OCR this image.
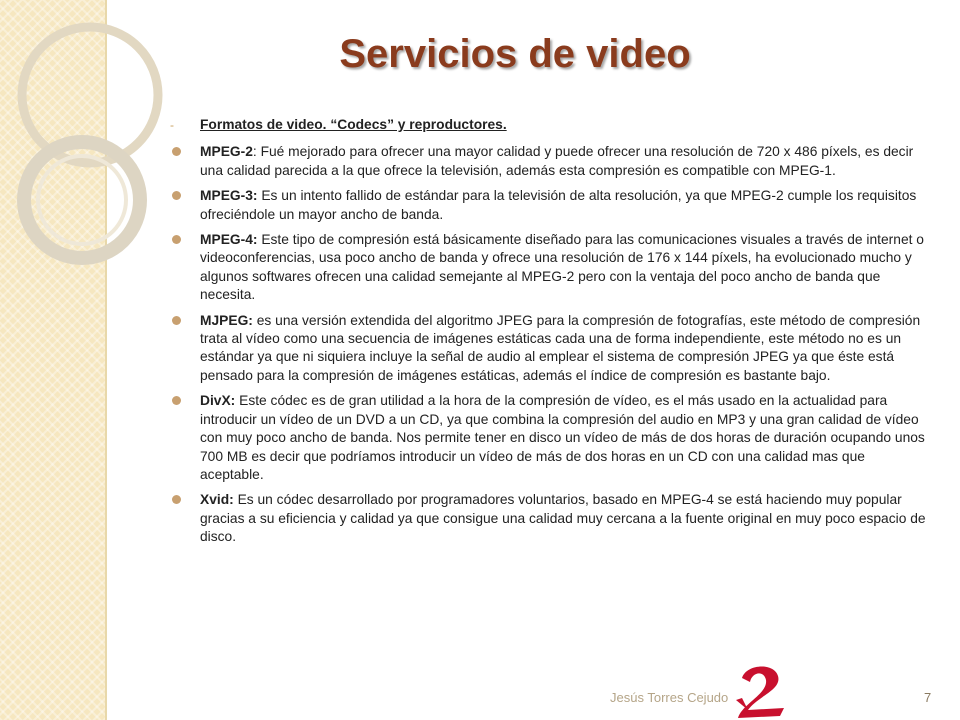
Servicios de video
- Formatos de video. “Codecs” y reproductores.
MPEG-2: Fué mejorado para ofrecer una mayor calidad y puede ofrecer una resolución de 720 x 486 píxels, es decir una calidad parecida a la que ofrece la televisión, además esta compresión es compatible con MPEG-1.
MPEG-3: Es un intento fallido de estándar para la televisión de alta resolución, ya que MPEG-2 cumple los requisitos ofreciéndole un mayor ancho de banda.
MPEG-4: Este tipo de compresión está básicamente diseñado para las comunicaciones visuales a través de internet o videoconferencias, usa poco ancho de banda y ofrece una resolución de 176 x 144 píxels, ha evolucionado mucho y algunos softwares ofrecen una calidad semejante al MPEG-2 pero con la ventaja del poco ancho de banda que necesita.
MJPEG: es una versión extendida del algoritmo JPEG para la compresión de fotografías, este método de compresión trata al vídeo como una secuencia de imágenes estáticas cada una de forma independiente, este método no es un estándar ya que ni siquiera incluye la señal de audio al emplear el sistema de compresión JPEG ya que éste está pensado para la compresión de imágenes estáticas, además el índice de compresión es bastante bajo.
DivX: Este códec es de gran utilidad a la hora de la compresión de vídeo, es el más usado en la actualidad para introducir un vídeo de un DVD a un CD, ya que combina la compresión del audio en MP3 y una gran calidad de vídeo con muy poco ancho de banda. Nos permite tener en disco un vídeo de más de dos horas de duración ocupando unos 700 MB es decir que podríamos introducir un vídeo de más de dos horas en un CD con una calidad mas que aceptable.
Xvid: Es un códec desarrollado por programadores voluntarios, basado en MPEG-4 se está haciendo muy popular gracias a su eficiencia y calidad ya que consigue una calidad muy cercana a la fuente original en muy poco espacio de disco.
Jesús Torres Cejudo	7
